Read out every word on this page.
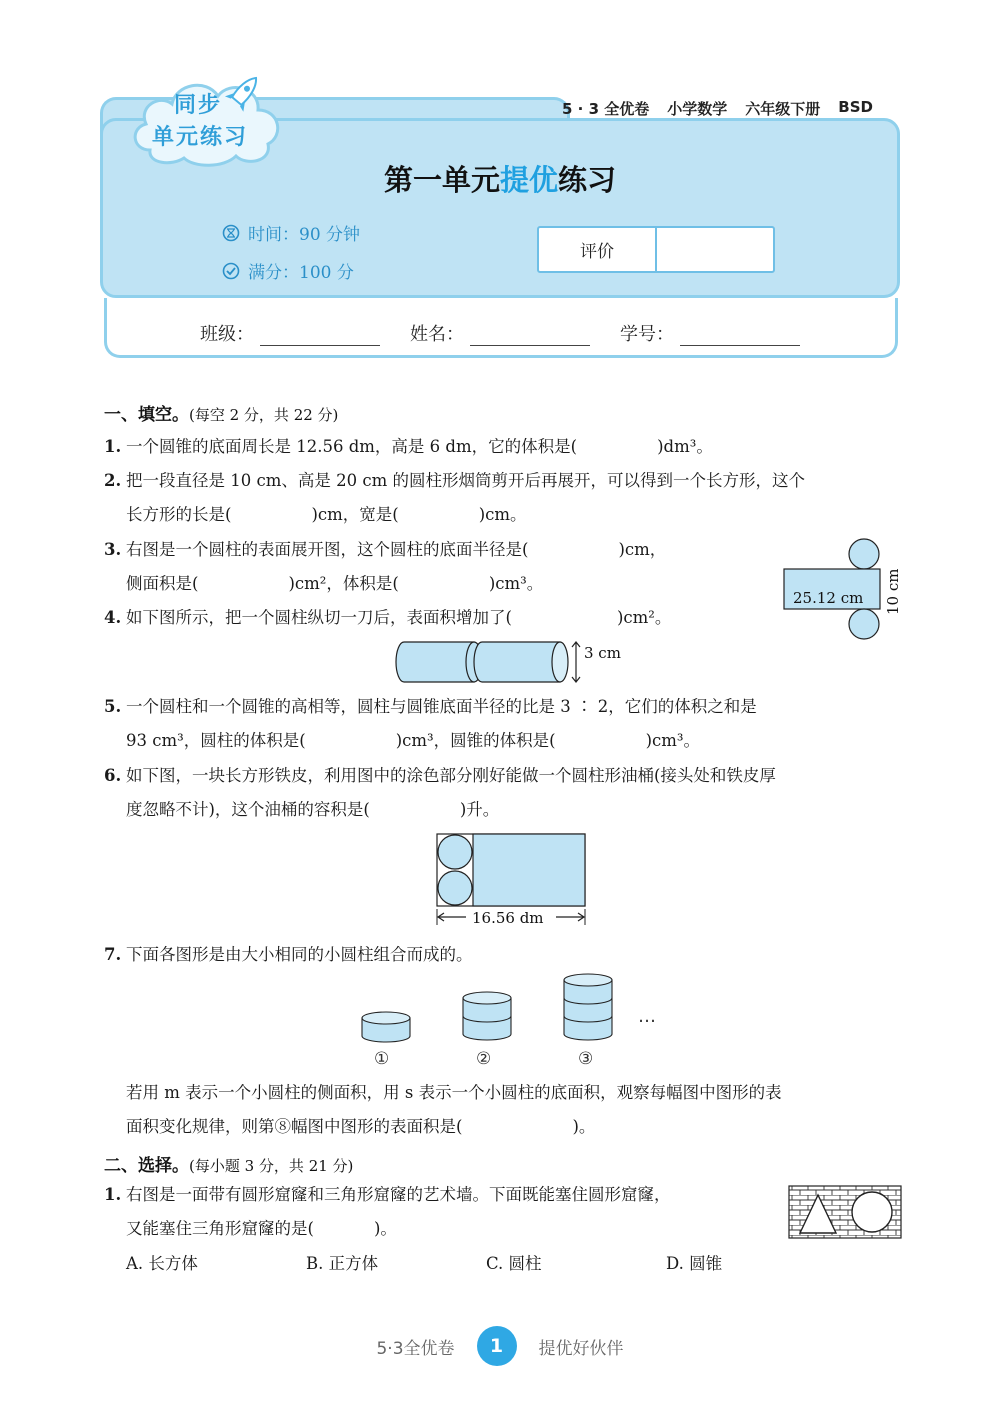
5 · 3 全优卷 小学数学 六年级下册 BSD
同步
单元练习
第一单元提优练习
时间：90 分钟
满分：100 分
评价
班级：	姓名：	学号：
一、填空。(每空 2 分，共 22 分)
1. 一个圆锥的底面周长是 12.56 dm，高是 6 dm，它的体积是(	)dm³。
2. 把一段直径是 10 cm、高是 20 cm 的圆柱形烟筒剪开后再展开，可以得到一个长方形，这个
长方形的长是(	)cm，宽是(	)cm。
3. 右图是一个圆柱的表面展开图，这个圆柱的底面半径是(	)cm，
侧面积是(	)cm²，体积是(	)cm³。
25.12 cm 10 cm
4. 如下图所示，把一个圆柱纵切一刀后，表面积增加了(	)cm²。
3 cm
5. 一个圆柱和一个圆锥的高相等，圆柱与圆锥底面半径的比是 3 ∶ 2，它们的体积之和是
93 cm³，圆柱的体积是(	)cm³，圆锥的体积是(	)cm³。
6. 如下图，一块长方形铁皮，利用图中的涂色部分刚好能做一个圆柱形油桶(接头处和铁皮厚
度忽略不计)，这个油桶的容积是(	)升。
16.56 dm
7. 下面各图形是由大小相同的小圆柱组合而成的。
①	②	③
…
若用 m 表示一个小圆柱的侧面积，用 s 表示一个小圆柱的底面积，观察每幅图中图形的表
面积变化规律，则第⑧幅图中图形的表面积是(	)。
二、选择。(每小题 3 分，共 21 分)
1. 右图是一面带有圆形窟窿和三角形窟窿的艺术墙。下面既能塞住圆形窟窿，
又能塞住三角形窟窿的是(	)。
A. 长方体	B. 正方体	C. 圆柱	D. 圆锥
5·3全优卷	1	提优好伙伴
